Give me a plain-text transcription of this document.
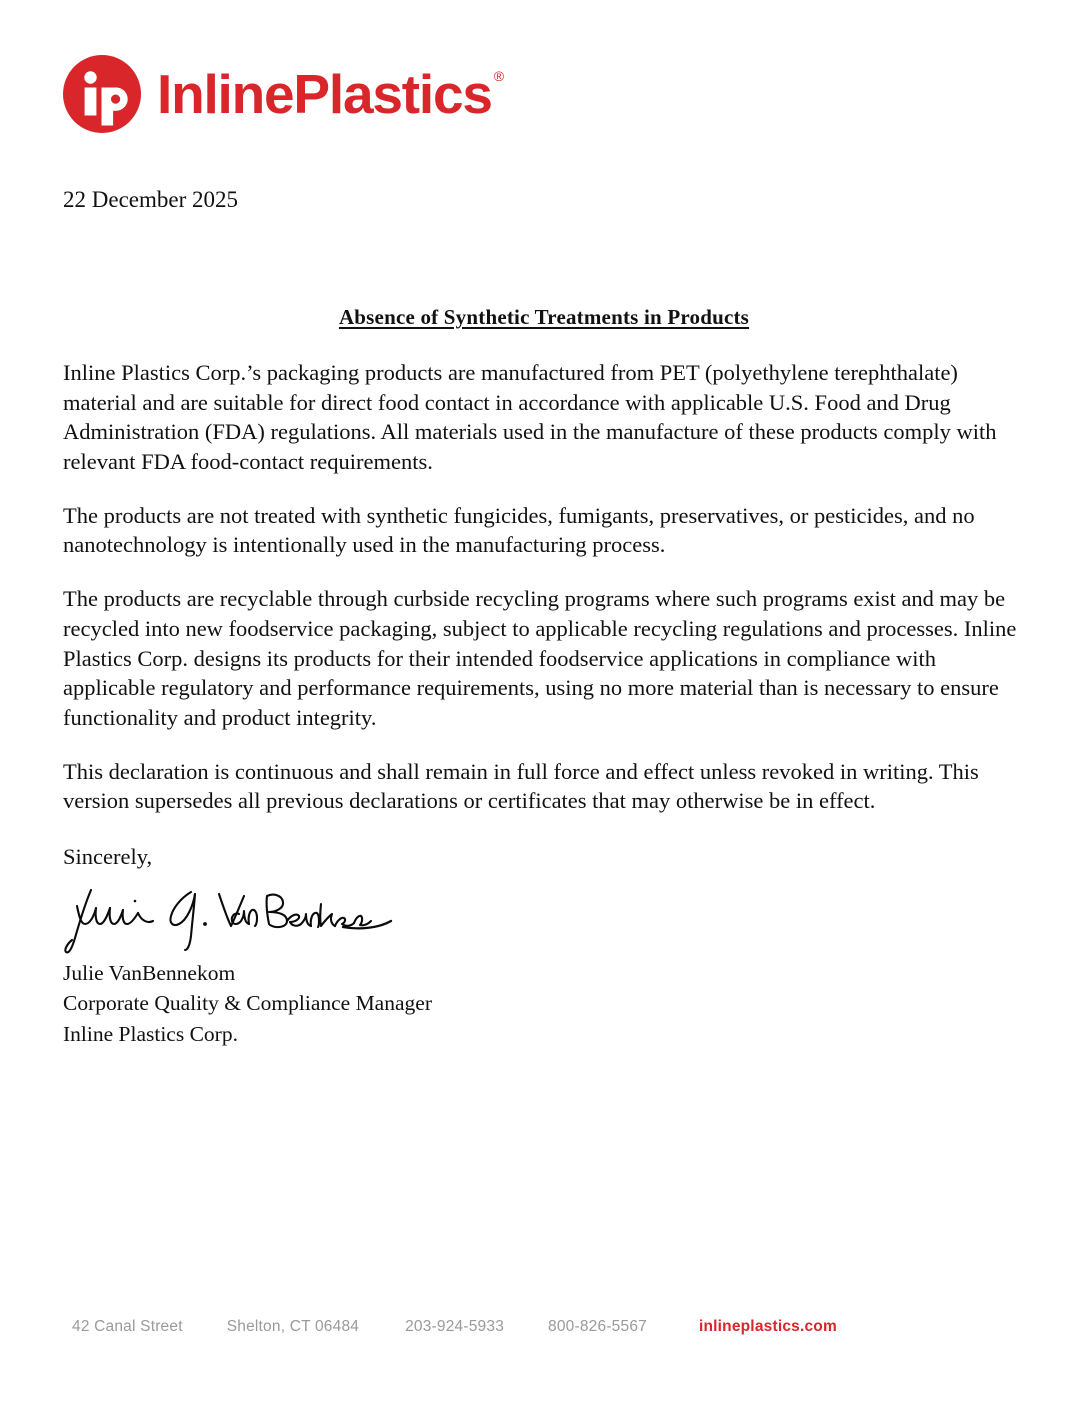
InlinePlastics ®
22 December 2025
Absence of Synthetic Treatments in Products

Inline Plastics Corp.’s packaging products are manufactured from PET (polyethylene terephthalate) material and are suitable for direct food contact in accordance with applicable U.S. Food and Drug Administration (FDA) regulations. All materials used in the manufacture of these products comply with relevant FDA food-contact requirements.

The products are not treated with synthetic fungicides, fumigants, preservatives, or pesticides, and no nanotechnology is intentionally used in the manufacturing process.

The products are recyclable through curbside recycling programs where such programs exist and may be recycled into new foodservice packaging, subject to applicable recycling regulations and processes. Inline Plastics Corp. designs its products for their intended foodservice applications in compliance with applicable regulatory and performance requirements, using no more material than is necessary to ensure functionality and product integrity.

This declaration is continuous and shall remain in full force and effect unless revoked in writing. This version supersedes all previous declarations or certificates that may otherwise be in effect.

Sincerely,

Julie VanBennekom
Corporate Quality & Compliance Manager
Inline Plastics Corp.
42 Canal Street	Shelton, CT 06484	203-924-5933	800-826-5567	inlineplastics.com
